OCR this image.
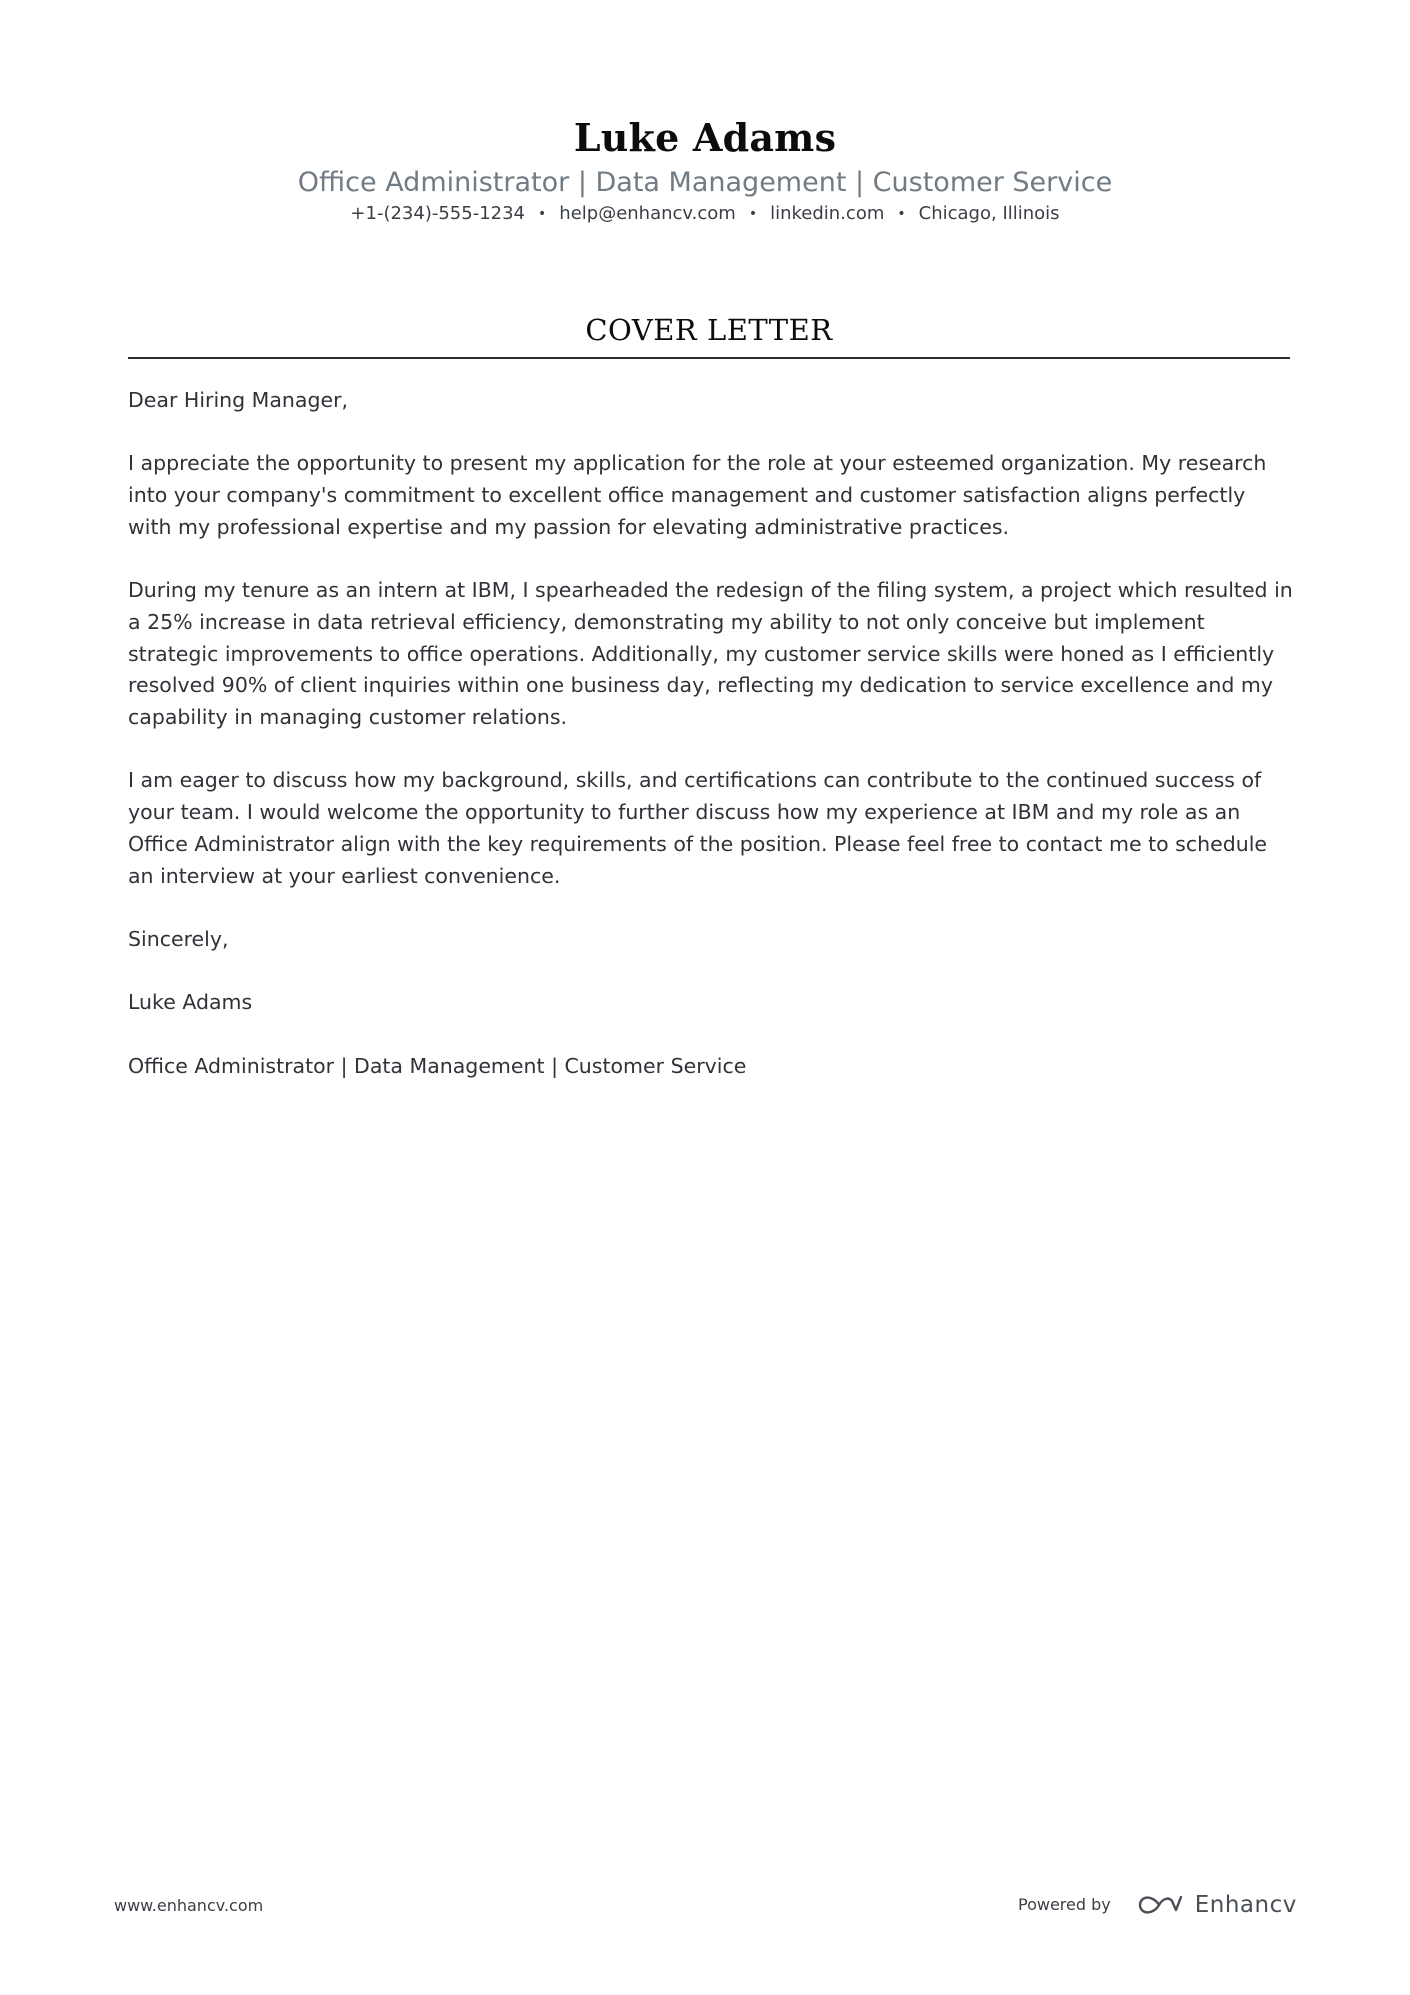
Luke Adams
Office Administrator | Data Management | Customer Service
+1-(234)-555-1234 • help@enhancv.com • linkedin.com • Chicago, Illinois
COVER LETTER

Dear Hiring Manager,

I appreciate the opportunity to present my application for the role at your esteemed organization. My research into your company's commitment to excellent office management and customer satisfaction aligns perfectly with my professional expertise and my passion for elevating administrative practices.

During my tenure as an intern at IBM, I spearheaded the redesign of the filing system, a project which resulted in a 25% increase in data retrieval efficiency, demonstrating my ability to not only conceive but implement strategic improvements to office operations. Additionally, my customer service skills were honed as I efficiently resolved 90% of client inquiries within one business day, reflecting my dedication to service excellence and my capability in managing customer relations.

I am eager to discuss how my background, skills, and certifications can contribute to the continued success of your team. I would welcome the opportunity to further discuss how my experience at IBM and my role as an Office Administrator align with the key requirements of the position. Please feel free to contact me to schedule an interview at your earliest convenience.

Sincerely,

Luke Adams

Office Administrator | Data Management | Customer Service

www.enhancv.com	Powered by	Enhancv
